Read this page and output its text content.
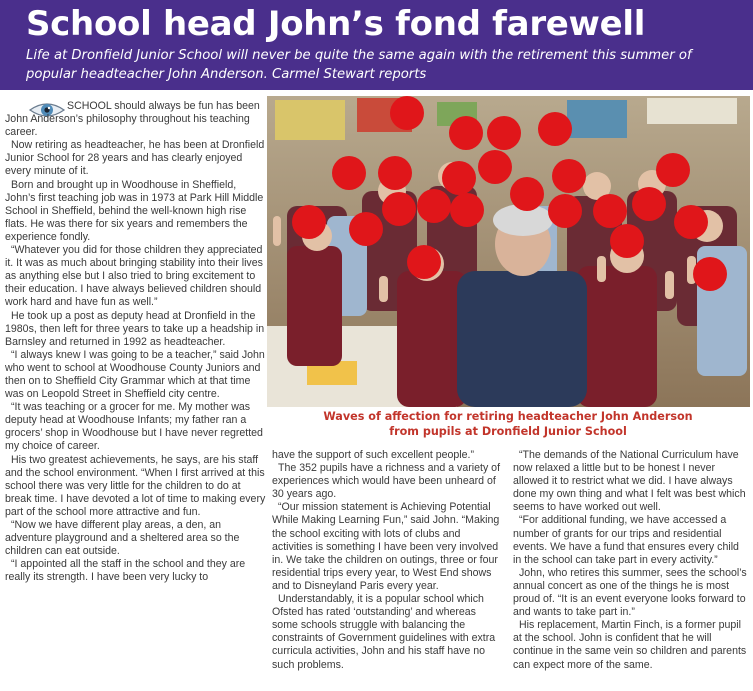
School head John’s fond farewell

Life at Dronfield Junior School will never be quite the same again with the retirement this summer of popular headteacher John Anderson. Carmel Stewart reports

SCHOOL should always be fun has been John Anderson’s philosophy throughout his teaching career.

Now retiring as headteacher, he has been at Dronfield Junior School for 28 years and has clearly enjoyed every minute of it.

Born and brought up in Woodhouse in Sheffield, John’s first teaching job was in 1973 at Park Hill Middle School in Sheffield, behind the well-known high rise flats. He was there for six years and remembers the experience fondly.

“Whatever you did for those children they appreciated it. It was as much about bringing stability into their lives as anything else but I also tried to bring excitement to their education. I have always believed children should work hard and have fun as well.”

He took up a post as deputy head at Dronfield in the 1980s, then left for three years to take up a headship in Barnsley and returned in 1992 as headteacher.

“I always knew I was going to be a teacher,” said John who went to school at Woodhouse County Juniors and then on to Sheffield City Grammar which at that time was on Leopold Street in Sheffield city centre.

“It was teaching or a grocer for me. My mother was deputy head at Woodhouse Infants; my father ran a grocers’ shop in Woodhouse but I have never regretted my choice of career.

His two greatest achievements, he says, are his staff and the school environment. “When I first arrived at this school there was very little for the children to do at break time. I have devoted a lot of time to making every part of the school more attractive and fun.

“Now we have different play areas, a den, an adventure playground and a sheltered area so the children can eat outside.

“I appointed all the staff in the school and they are really its strength. I have been very lucky to

Waves of affection for retiring headteacher John Anderson from pupils at Dronfield Junior School

have the support of such excellent people.”

The 352 pupils have a richness and a variety of experiences which would have been unheard of 30 years ago.

“Our mission statement is Achieving Potential While Making Learning Fun,” said John. “Making the school exciting with lots of clubs and activities is something I have been very involved in. We take the children on outings, three or four residential trips every year, to West End shows and to Disneyland Paris every year.

Understandably, it is a popular school which Ofsted has rated ‘outstanding’ and whereas some schools struggle with balancing the constraints of Government guidelines with extra curricula activities, John and his staff have no such problems.

“The demands of the National Curriculum have now relaxed a little but to be honest I never allowed it to restrict what we did. I have always done my own thing and what I felt was best which seems to have worked out well.

“For additional funding, we have accessed a number of grants for our trips and residential events. We have a fund that ensures every child in the school can take part in every activity.”

John, who retires this summer, sees the school’s annual concert as one of the things he is most proud of. “It is an event everyone looks forward to and wants to take part in.”

His replacement, Martin Finch, is a former pupil at the school. John is confident that he will continue in the same vein so children and parents can expect more of the same.
